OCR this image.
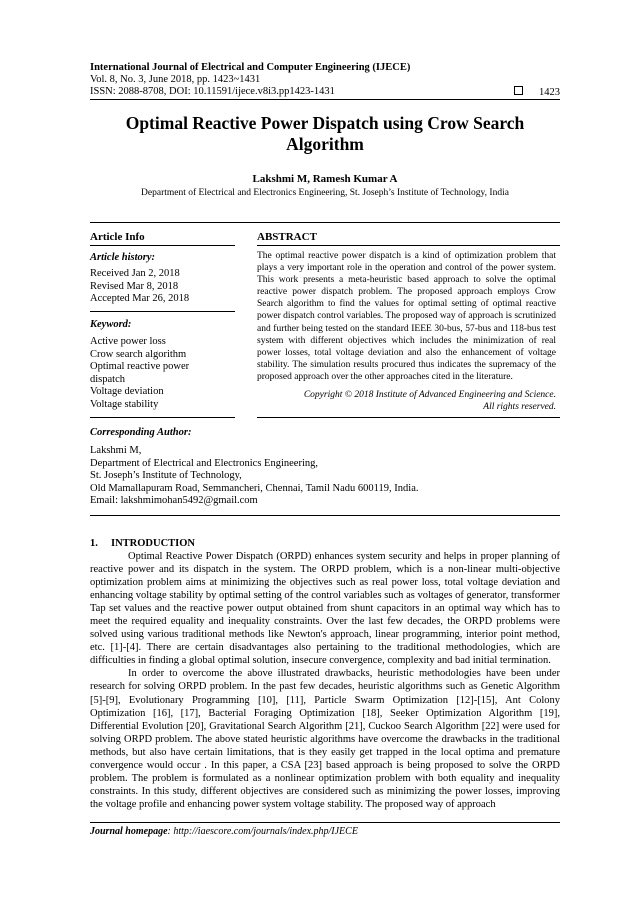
International Journal of Electrical and Computer Engineering (IJECE)
Vol. 8, No. 3, June 2018, pp. 1423~1431
ISSN: 2088-8708, DOI: 10.11591/ijece.v8i3.pp1423-1431	1423
Optimal Reactive Power Dispatch using Crow Search
Algorithm
Lakshmi M, Ramesh Kumar A
Department of Electrical and Electronics Engineering, St. Joseph’s Institute of Technology, India
Article Info	ABSTRACT
Article history:
Received Jan 2, 2018
Revised Mar 8, 2018
Accepted Mar 26, 2018
Keyword:
Active power loss
Crow search algorithm
Optimal reactive power
dispatch
Voltage deviation
Voltage stability
The optimal reactive power dispatch is a kind of optimization problem that plays a very important role in the operation and control of the power system. This work presents a meta-heuristic based approach to solve the optimal reactive power dispatch problem. The proposed approach employs Crow Search algorithm to find the values for optimal setting of optimal reactive power dispatch control variables. The proposed way of approach is scrutinized and further being tested on the standard IEEE 30-bus, 57-bus and 118-bus test system with different objectives which includes the minimization of real power losses, total voltage deviation and also the enhancement of voltage stability. The simulation results procured thus indicates the supremacy of the proposed approach over the other approaches cited in the literature.
Copyright © 2018 Institute of Advanced Engineering and Science.
All rights reserved.
Corresponding Author:
Lakshmi M,
Department of Electrical and Electronics Engineering,
St. Joseph’s Institute of Technology,
Old Mamallapuram Road, Semmancheri, Chennai, Tamil Nadu 600119, India.
Email: lakshmimohan5492@gmail.com
1. INTRODUCTION

Optimal Reactive Power Dispatch (ORPD) enhances system security and helps in proper planning of reactive power and its dispatch in the system. The ORPD problem, which is a non-linear multi-objective optimization problem aims at minimizing the objectives such as real power loss, total voltage deviation and enhancing voltage stability by optimal setting of the control variables such as voltages of generator, transformer Tap set values and the reactive power output obtained from shunt capacitors in an optimal way which has to meet the required equality and inequality constraints. Over the last few decades, the ORPD problems were solved using various traditional methods like Newton's approach, linear programming, interior point method, etc. [1]-[4]. There are certain disadvantages also pertaining to the traditional methodologies, which are difficulties in finding a global optimal solution, insecure convergence, complexity and bad initial termination.

In order to overcome the above illustrated drawbacks, heuristic methodologies have been under research for solving ORPD problem. In the past few decades, heuristic algorithms such as Genetic Algorithm [5]-[9], Evolutionary Programming [10], [11], Particle Swarm Optimization [12]-[15], Ant Colony Optimization [16], [17], Bacterial Foraging Optimization [18], Seeker Optimization Algorithm [19], Differential Evolution [20], Gravitational Search Algorithm [21], Cuckoo Search Algorithm [22] were used for solving ORPD problem. The above stated heuristic algorithms have overcome the drawbacks in the traditional methods, but also have certain limitations, that is they easily get trapped in the local optima and premature convergence would occur . In this paper, a CSA [23] based approach is being proposed to solve the ORPD problem. The problem is formulated as a nonlinear optimization problem with both equality and inequality constraints. In this study, different objectives are considered such as minimizing the power losses, improving the voltage profile and enhancing power system voltage stability. The proposed way of approach

Journal homepage: http://iaescore.com/journals/index.php/IJECE
